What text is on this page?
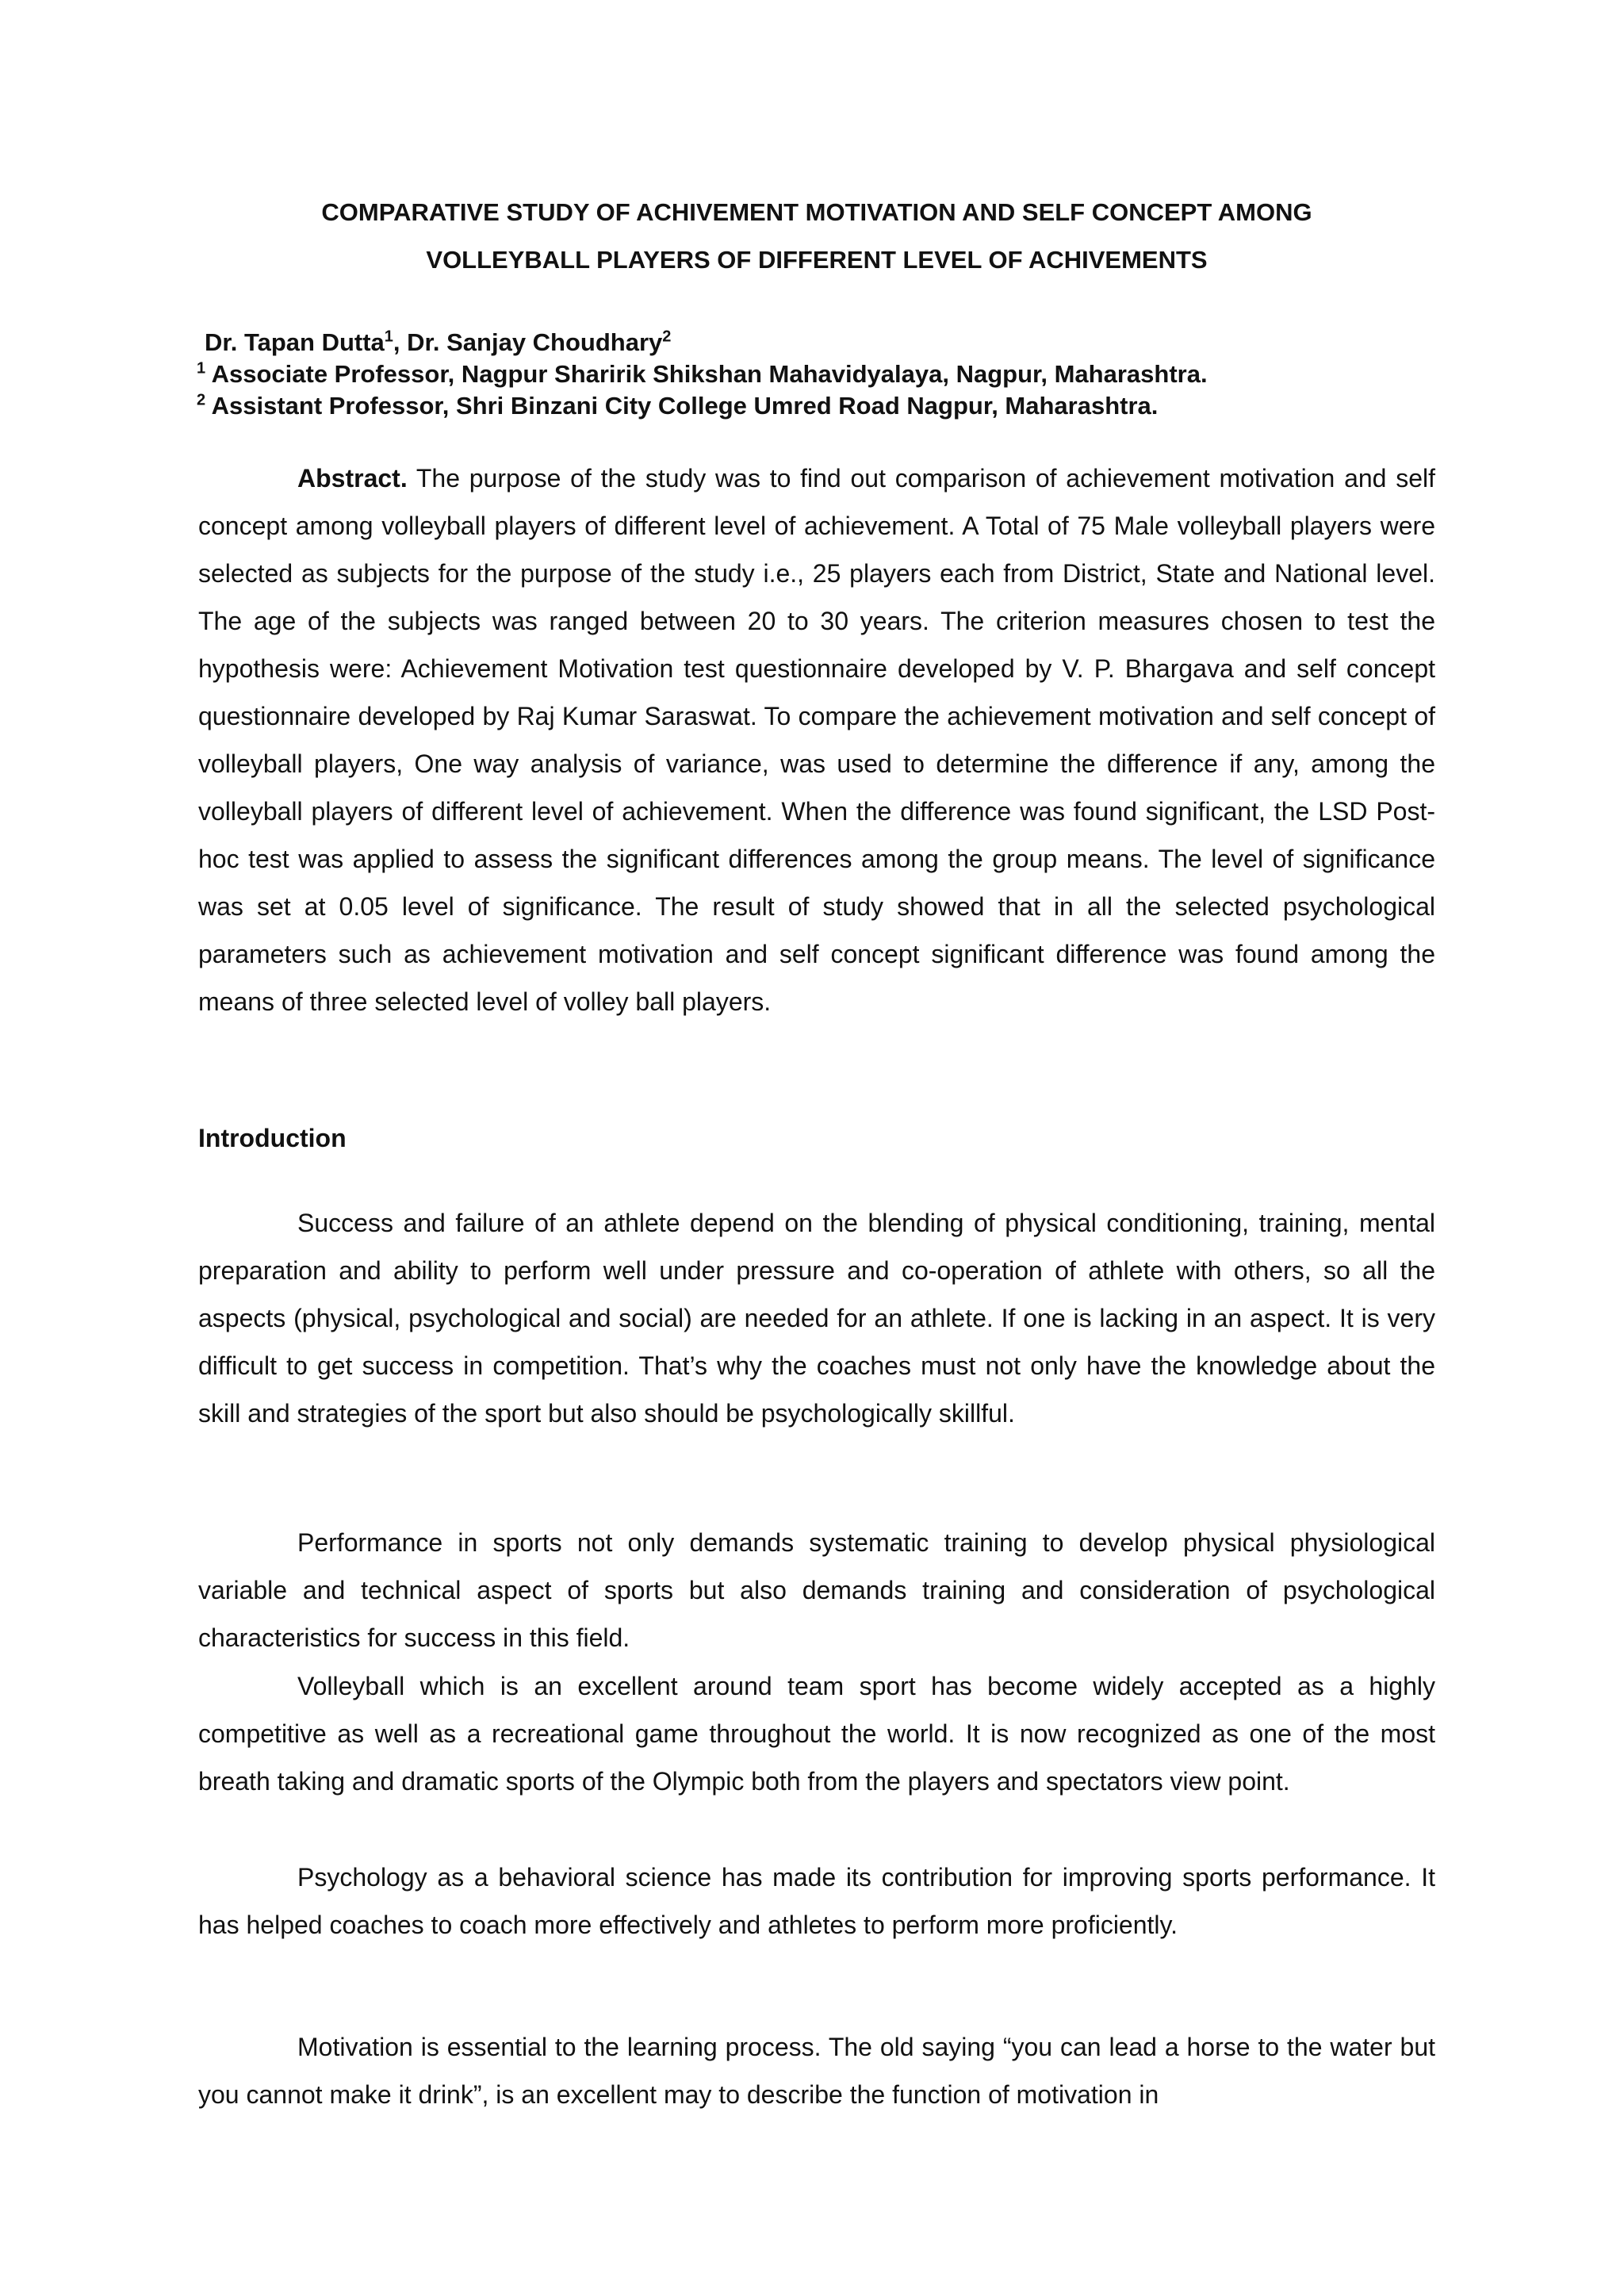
COMPARATIVE STUDY OF ACHIVEMENT MOTIVATION AND SELF CONCEPT AMONG
VOLLEYBALL PLAYERS OF DIFFERENT LEVEL OF ACHIVEMENTS
Dr. Tapan Dutta$^1$, Dr. Sanjay Choudhary$^2$
$^1$ Associate Professor, Nagpur Sharirik Shikshan Mahavidyalaya, Nagpur, Maharashtra.
$^2$ Assistant Professor, Shri Binzani City College Umred Road Nagpur, Maharashtra.

Abstract. The purpose of the study was to find out comparison of achievement motivation and self concept among volleyball players of different level of achievement. A Total of 75 Male volleyball players were selected as subjects for the purpose of the study i.e., 25 players each from District, State and National level. The age of the subjects was ranged between 20 to 30 years. The criterion measures chosen to test the hypothesis were: Achievement Motivation test questionnaire developed by V. P. Bhargava and self concept questionnaire developed by Raj Kumar Saraswat. To compare the achievement motivation and self concept of volleyball players, One way analysis of variance, was used to determine the difference if any, among the volleyball players of different level of achievement. When the difference was found significant, the LSD Post-hoc test was applied to assess the significant differences among the group means. The level of significance was set at 0.05 level of significance. The result of study showed that in all the selected psychological parameters such as achievement motivation and self concept significant difference was found among the means of three selected level of volley ball players.

Introduction

Success and failure of an athlete depend on the blending of physical conditioning, training, mental preparation and ability to perform well under pressure and co-operation of athlete with others, so all the aspects (physical, psychological and social) are needed for an athlete. If one is lacking in an aspect. It is very difficult to get success in competition. That’s why the coaches must not only have the knowledge about the skill and strategies of the sport but also should be psychologically skillful.

Performance in sports not only demands systematic training to develop physical physiological variable and technical aspect of sports but also demands training and consideration of psychological characteristics for success in this field.

Volleyball which is an excellent around team sport has become widely accepted as a highly competitive as well as a recreational game throughout the world. It is now recognized as one of the most breath taking and dramatic sports of the Olympic both from the players and spectators view point.

Psychology as a behavioral science has made its contribution for improving sports performance. It has helped coaches to coach more effectively and athletes to perform more proficiently.

Motivation is essential to the learning process. The old saying “you can lead a horse to the water but you cannot make it drink”, is an excellent may to describe the function of motivation in
